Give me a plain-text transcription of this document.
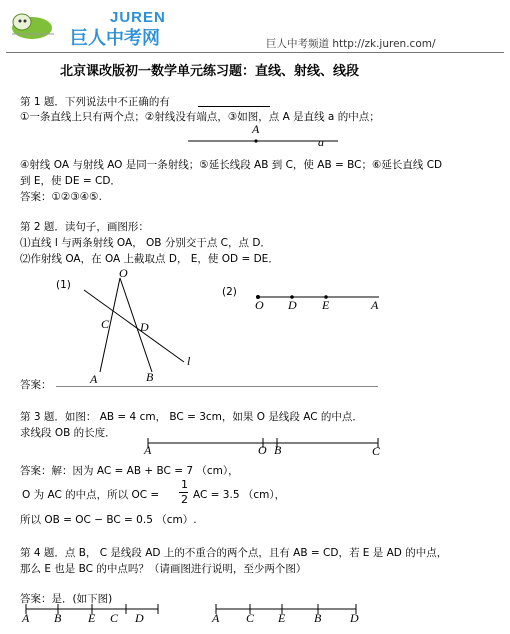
JUREN
巨人中考网	巨人中考频道 http://zk.juren.com/
北京课改版初一数学单元练习题：直线、射线、线段
第 1 题．下列说法中不正确的有
①一条直线上只有两个点；②射线没有端点，③如图，点 A 是直线 a 的中点；
A
a
④射线 OA 与射线 AO 是同一条射线；⑤延长线段 AB 到 C，使 AB = BC；⑥延长直线 CD
到 E，使 DE = CD．
答案：①②③④⑤.
第 2 题．读句子，画图形：
⑴直线 l 与两条射线 OA， OB 分别交于点 C，点 D．
⑵作射线 OA，在 OA 上截取点 D， E，使 OD = DE．
(1)
O
C	D
A	B
l
(2)
O D E	A
答案：
第 3 题．如图： AB = 4 cm， BC = 3cm，如果 O 是线段 AC 的中点．
求线段 OB 的长度．
A	O B	C
答案：解：因为 AC = AB + BC = 7 （cm），
O 为 AC 的中点，所以 OC =
1
2 AC = 3.5 （cm），
所以 OB = OC − BC = 0.5 （cm）.
第 4 题．点 B， C 是线段 AD 上的不重合的两个点，且有 AB = CD，若 E 是 AD 的中点，
那么 E 也是 BC 的中点吗？（请画图进行说明，至少两个图）
答案：是．(如下图)
A B E C D	A C E B D
